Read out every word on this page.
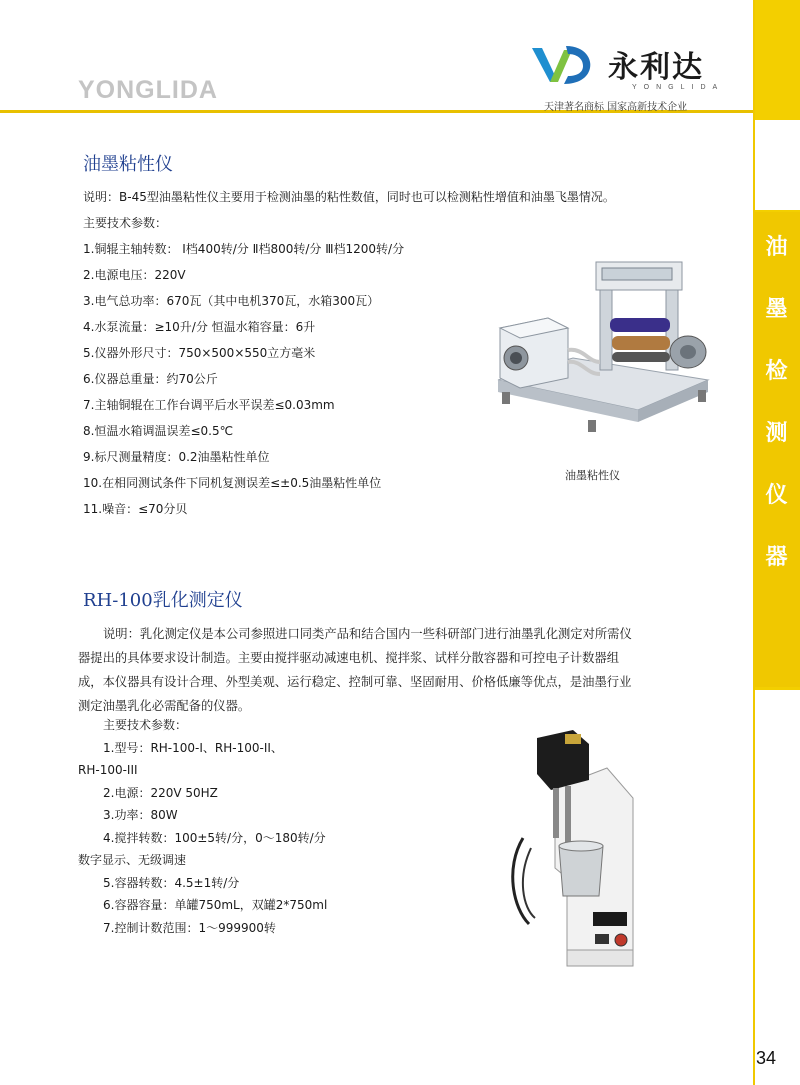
YONGLIDA
永利达
YONGLIDA
天津著名商标 国家高新技术企业
油
墨
检
测
仪
器
油墨粘性仪

说明：B-45型油墨粘性仪主要用于检测油墨的粘性数值，同时也可以检测粘性增值和油墨飞墨情况。

主要技术参数：

1.铜辊主轴转数： Ⅰ档400转/分 Ⅱ档800转/分 Ⅲ档1200转/分

2.电源电压：220V

3.电气总功率：670瓦（其中电机370瓦，水箱300瓦）

4.水泵流量：≥10升/分 恒温水箱容量：6升

5.仪器外形尺寸：750×500×550立方毫米

6.仪器总重量：约70公斤

7.主轴铜辊在工作台调平后水平误差≤0.03mm

8.恒温水箱调温误差≤0.5℃

9.标尺测量精度：0.2油墨粘性单位

10.在相同测试条件下同机复测误差≤±0.5油墨粘性单位

11.噪音：≤70分贝

油墨粘性仪
RH-100乳化测定仪

说明：乳化测定仪是本公司参照进口同类产品和结合国内一些科研部门进行油墨乳化测定对所需仪

器提出的具体要求设计制造。主要由搅拌驱动减速电机、搅拌浆、试样分散容器和可控电子计数器组

成，本仪器具有设计合理、外型美观、运行稳定、控制可靠、坚固耐用、价格低廉等优点，是油墨行业

测定油墨乳化必需配备的仪器。

主要技术参数：

1.型号：RH-100-I、RH-100-II、

RH-100-III

2.电源：220V 50HZ

3.功率：80W

4.搅拌转数：100±5转/分，0～180转/分

数字显示、无级调速

5.容器转数：4.5±1转/分

6.容器容量：单罐750mL，双罐2*750ml

7.控制计数范围：1～999900转

34
